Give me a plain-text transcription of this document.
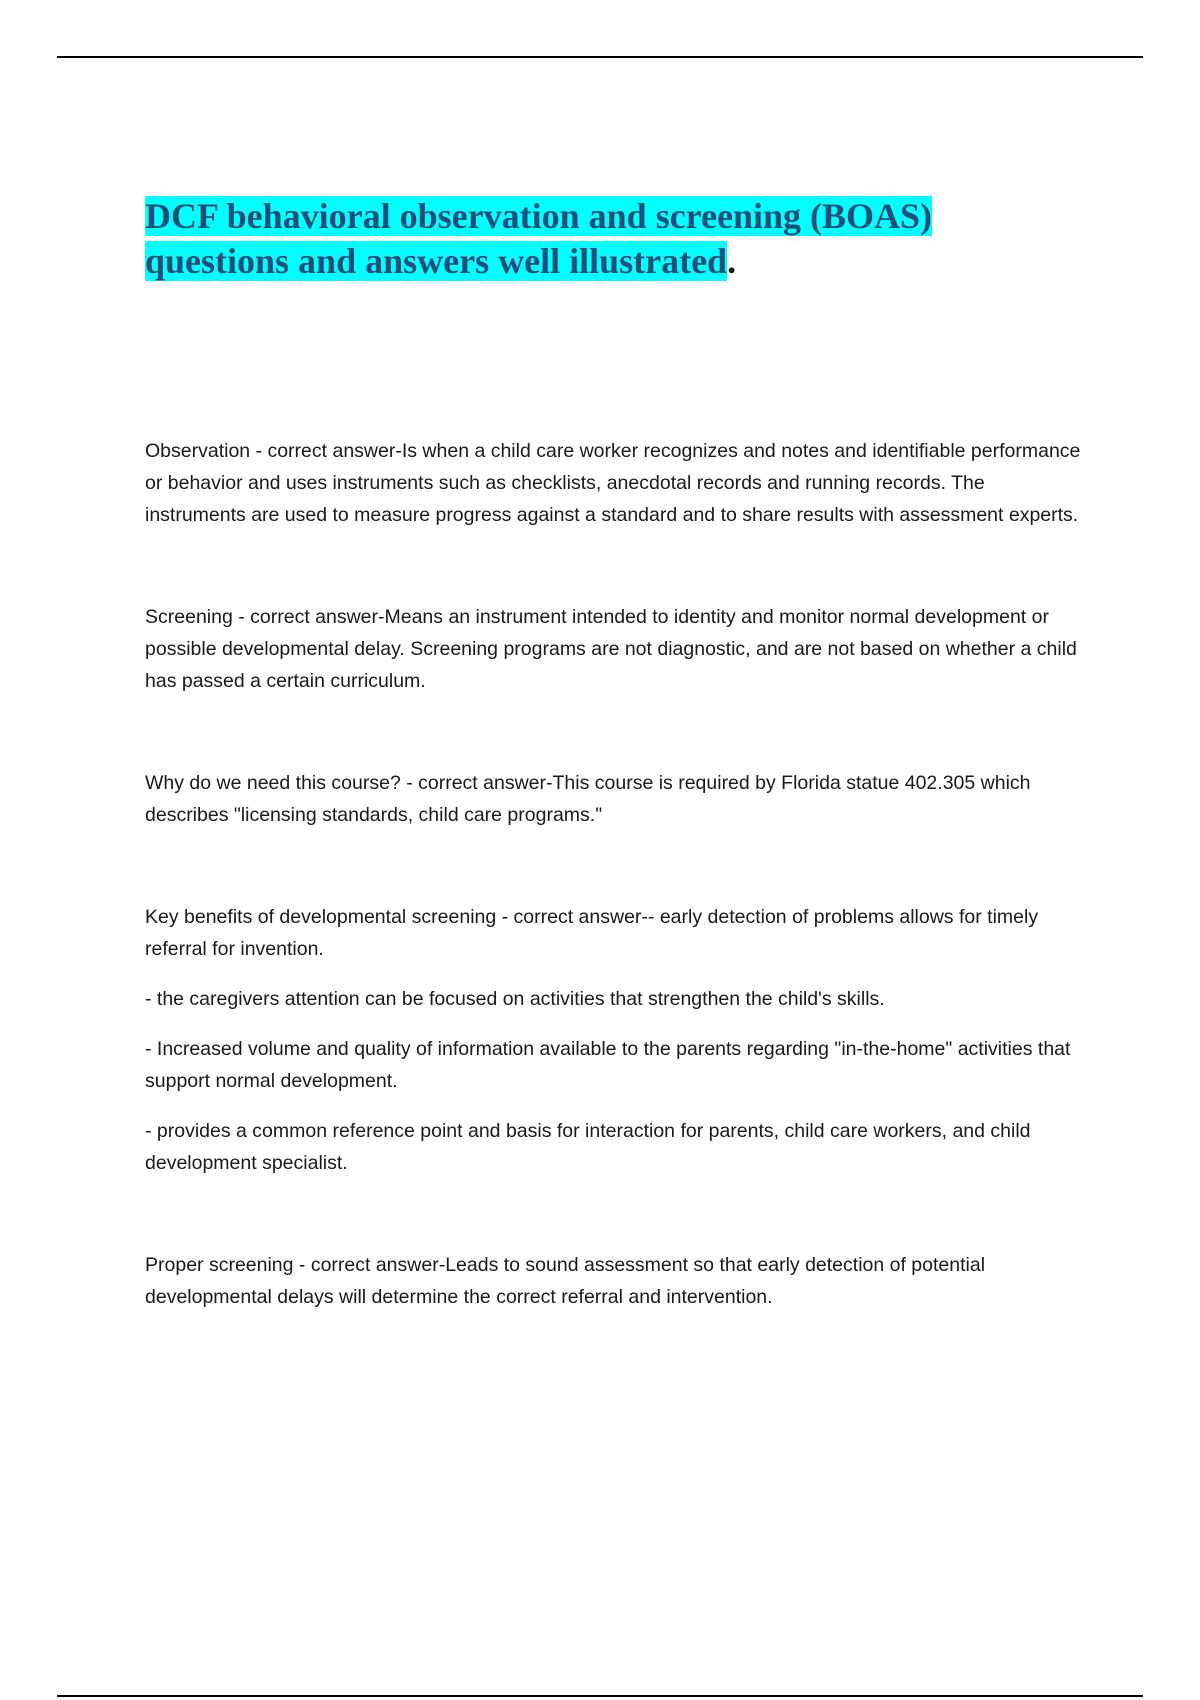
DCF behavioral observation and screening (BOAS) questions and answers well illustrated.

Observation - correct answer-Is when a child care worker recognizes and notes and identifiable performance or behavior and uses instruments such as checklists, anecdotal records and running records. The instruments are used to measure progress against a standard and to share results with assessment experts.

Screening - correct answer-Means an instrument intended to identity and monitor normal development or possible developmental delay. Screening programs are not diagnostic, and are not based on whether a child has passed a certain curriculum.

Why do we need this course? - correct answer-This course is required by Florida statue 402.305 which describes "licensing standards, child care programs."

Key benefits of developmental screening - correct answer-- early detection of problems allows for timely referral for invention.

- the caregivers attention can be focused on activities that strengthen the child's skills.

- Increased volume and quality of information available to the parents regarding "in-the-home" activities that support normal development.

- provides a common reference point and basis for interaction for parents, child care workers, and child development specialist.

Proper screening - correct answer-Leads to sound assessment so that early detection of potential developmental delays will determine the correct referral and intervention.
